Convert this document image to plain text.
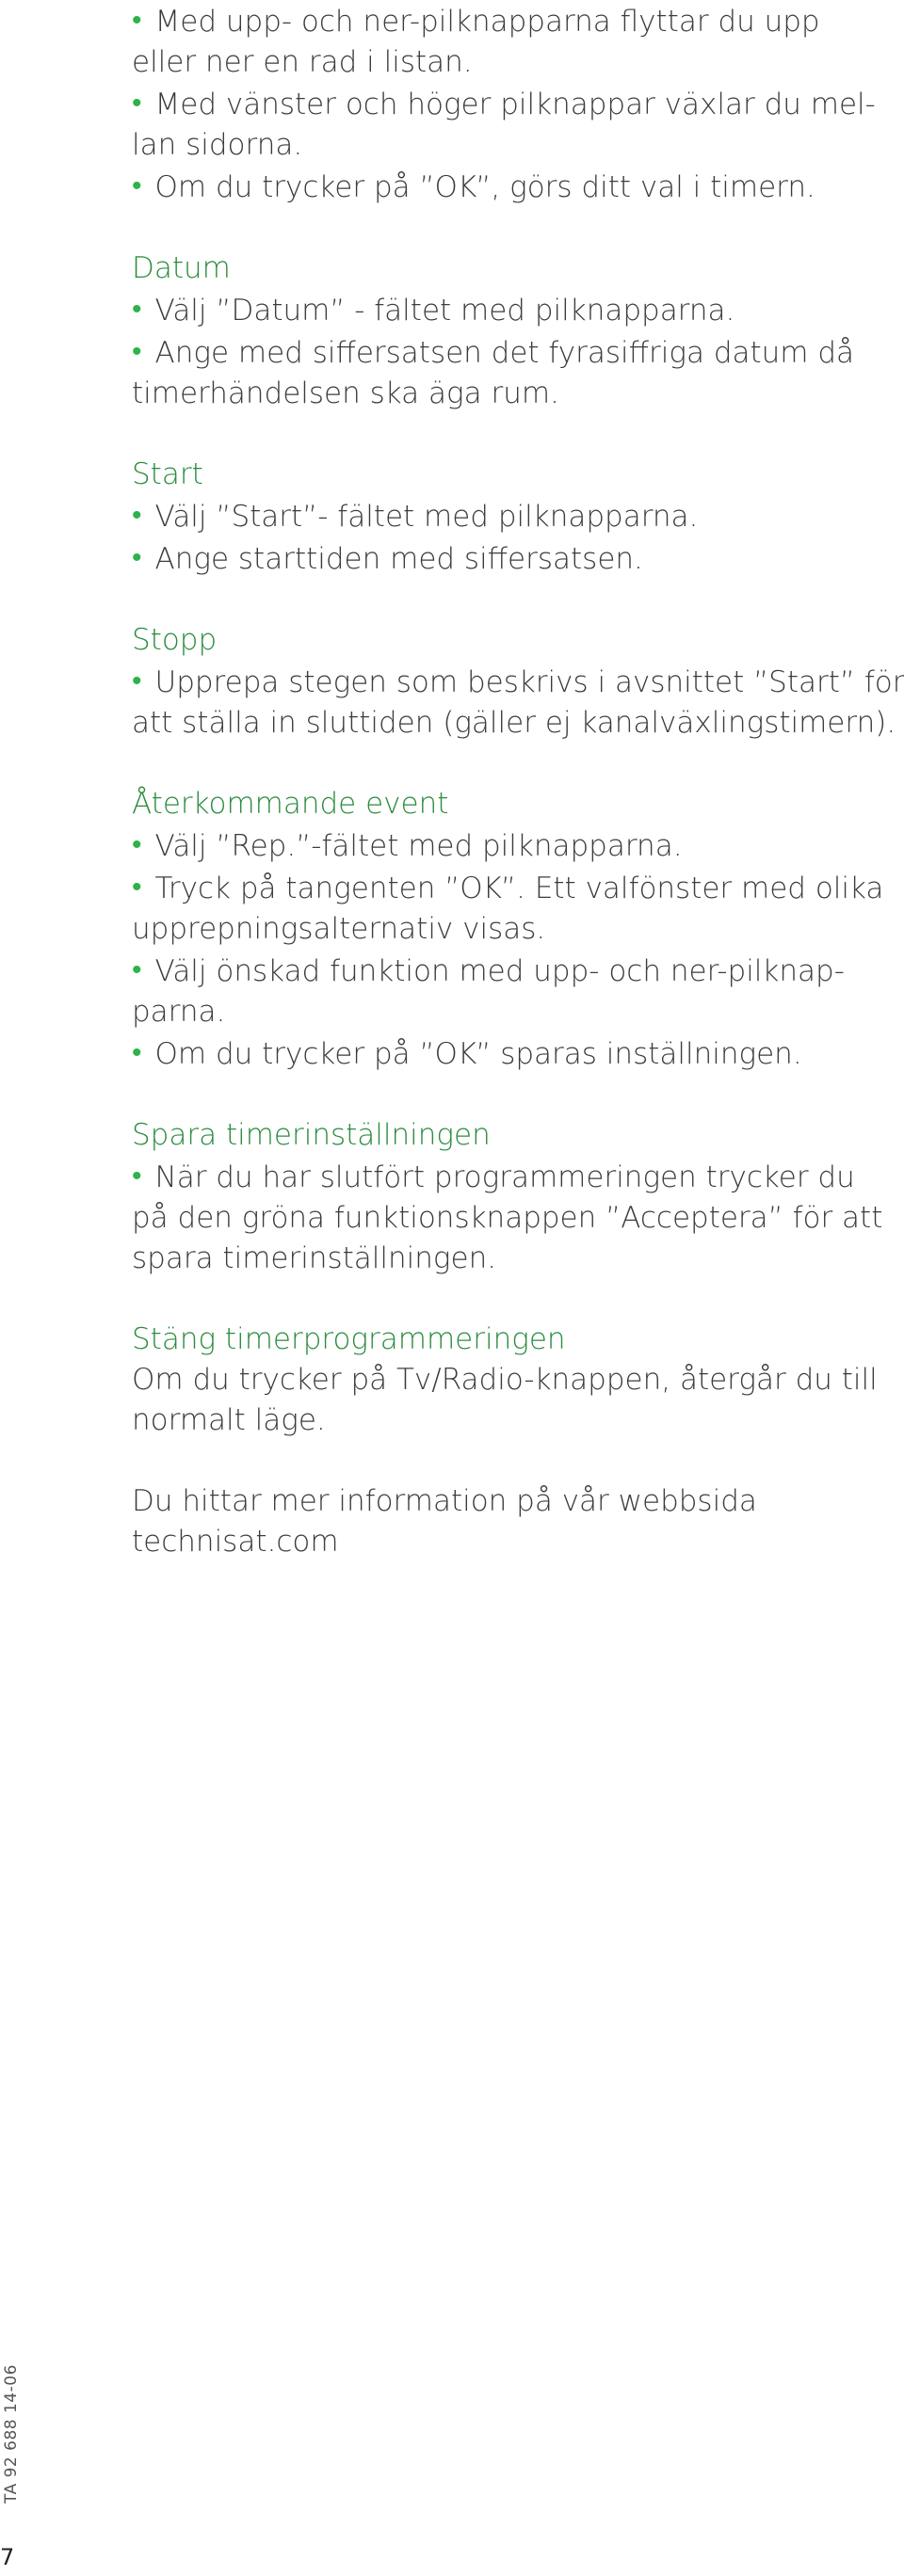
• Med upp- och ner-pilknapparna flyttar du upp

eller ner en rad i listan.

• Med vänster och höger pilknappar växlar du mel-

lan sidorna.

• Om du trycker på ”OK”, görs ditt val i timern.

Datum

• Välj ”Datum” - fältet med pilknapparna.

• Ange med siffersatsen det fyrasiffriga datum då

timerhändelsen ska äga rum.

Start

• Välj ”Start”- fältet med pilknapparna.

• Ange starttiden med siffersatsen.

Stopp

• Upprepa stegen som beskrivs i avsnittet ”Start” för

att ställa in sluttiden (gäller ej kanalväxlingstimern).

Återkommande event

• Välj ”Rep.”-fältet med pilknapparna.

• Tryck på tangenten ”OK”. Ett valfönster med olika

upprepningsalternativ visas.

• Välj önskad funktion med upp- och ner-pilknap-

parna.

• Om du trycker på ”OK” sparas inställningen.

Spara timerinställningen

• När du har slutfört programmeringen trycker du

på den gröna funktionsknappen ”Acceptera” för att

spara timerinställningen.

Stäng timerprogrammeringen

Om du trycker på Tv/Radio-knappen, återgår du till

normalt läge.

Du hittar mer information på vår webbsida

technisat.com

TA 92 688 14-06
7
